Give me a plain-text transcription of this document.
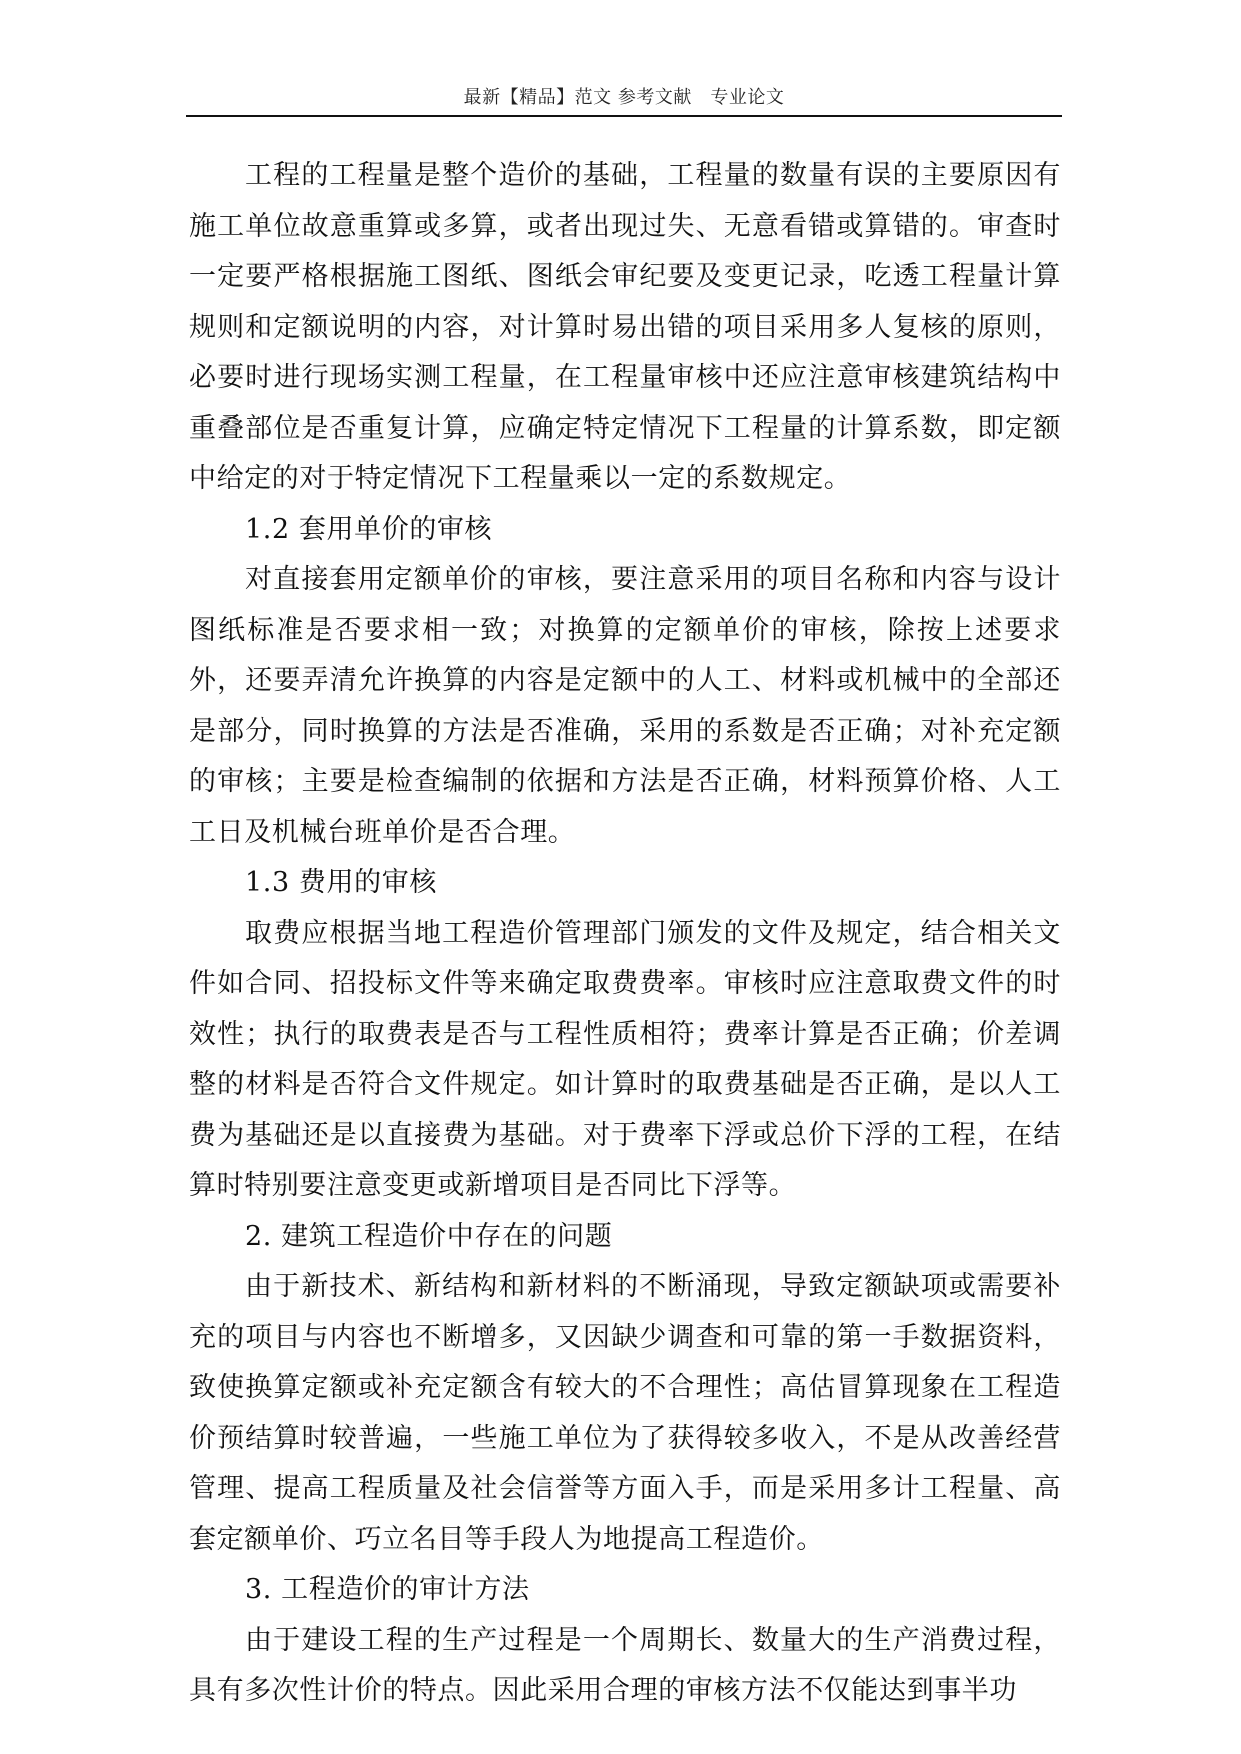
最新【精品】范文 参考文献　专业论文

工程的工程量是整个造价的基础，工程量的数量有误的主要原因有施工单位故意重算或多算，或者出现过失、无意看错或算错的。审查时一定要严格根据施工图纸、图纸会审纪要及变更记录，吃透工程量计算规则和定额说明的内容，对计算时易出错的项目采用多人复核的原则，必要时进行现场实测工程量，在工程量审核中还应注意审核建筑结构中重叠部位是否重复计算，应确定特定情况下工程量的计算系数，即定额中给定的对于特定情况下工程量乘以一定的系数规定。

1.2 套用单价的审核

对直接套用定额单价的审核，要注意采用的项目名称和内容与设计图纸标准是否要求相一致；对换算的定额单价的审核，除按上述要求外，还要弄清允许换算的内容是定额中的人工、材料或机械中的全部还是部分，同时换算的方法是否准确，采用的系数是否正确；对补充定额的审核；主要是检查编制的依据和方法是否正确，材料预算价格、人工工日及机械台班单价是否合理。

1.3 费用的审核

取费应根据当地工程造价管理部门颁发的文件及规定，结合相关文件如合同、招投标文件等来确定取费费率。审核时应注意取费文件的时效性；执行的取费表是否与工程性质相符；费率计算是否正确；价差调整的材料是否符合文件规定。如计算时的取费基础是否正确，是以人工费为基础还是以直接费为基础。对于费率下浮或总价下浮的工程，在结算时特别要注意变更或新增项目是否同比下浮等。

2. 建筑工程造价中存在的问题

由于新技术、新结构和新材料的不断涌现，导致定额缺项或需要补充的项目与内容也不断增多，又因缺少调查和可靠的第一手数据资料，致使换算定额或补充定额含有较大的不合理性；高估冒算现象在工程造价预结算时较普遍，一些施工单位为了获得较多收入，不是从改善经营管理、提高工程质量及社会信誉等方面入手，而是采用多计工程量、高套定额单价、巧立名目等手段人为地提高工程造价。

3. 工程造价的审计方法

由于建设工程的生产过程是一个周期长、数量大的生产消费过程，具有多次性计价的特点。因此采用合理的审核方法不仅能达到事半功
